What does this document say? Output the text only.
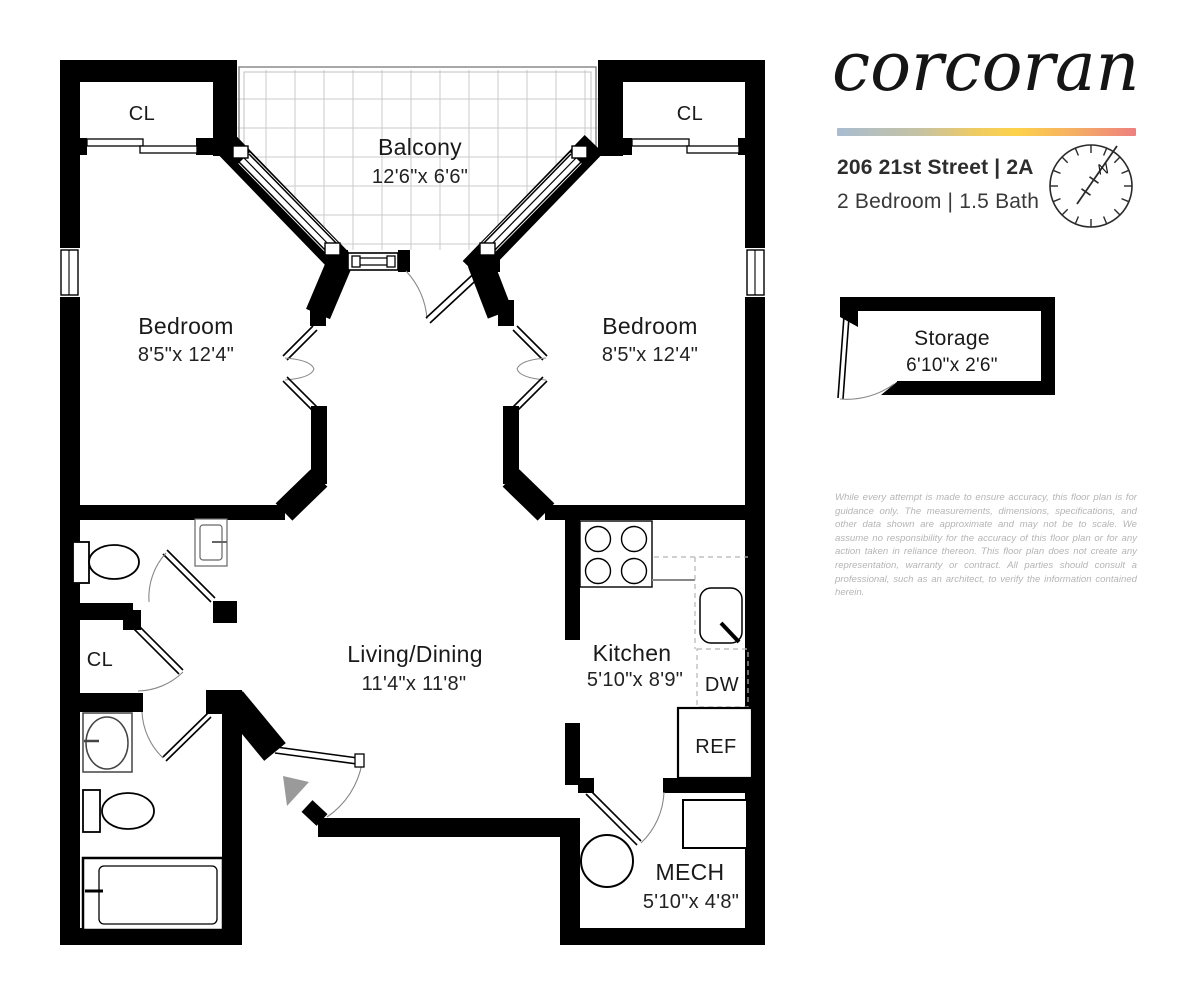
Balcony
12'6"x 6'6"
CL	CL
Bedroom
8'5"x 12'4"
Bedroom
8'5"x 12'4"
Living/Dining
11'4"x 11'8"
Kitchen
5'10"x 8'9"
CL
DW
REF
MECH
5'10"x 4'8"
Storage
6'10"x 2'6"
N
corcoran
206 21st Street | 2A
2 Bedroom | 1.5 Bath
While every attempt is made to ensure accuracy, this floor plan is for guidance only. The measurements, dimensions, specifications, and other data shown are approximate and may not be to scale. We assume no responsibility for the accuracy of this floor plan or for any action taken in reliance thereon. This floor plan does not create any representation, warranty or contract. All parties should consult a professional, such as an architect, to verify the information contained herein.
